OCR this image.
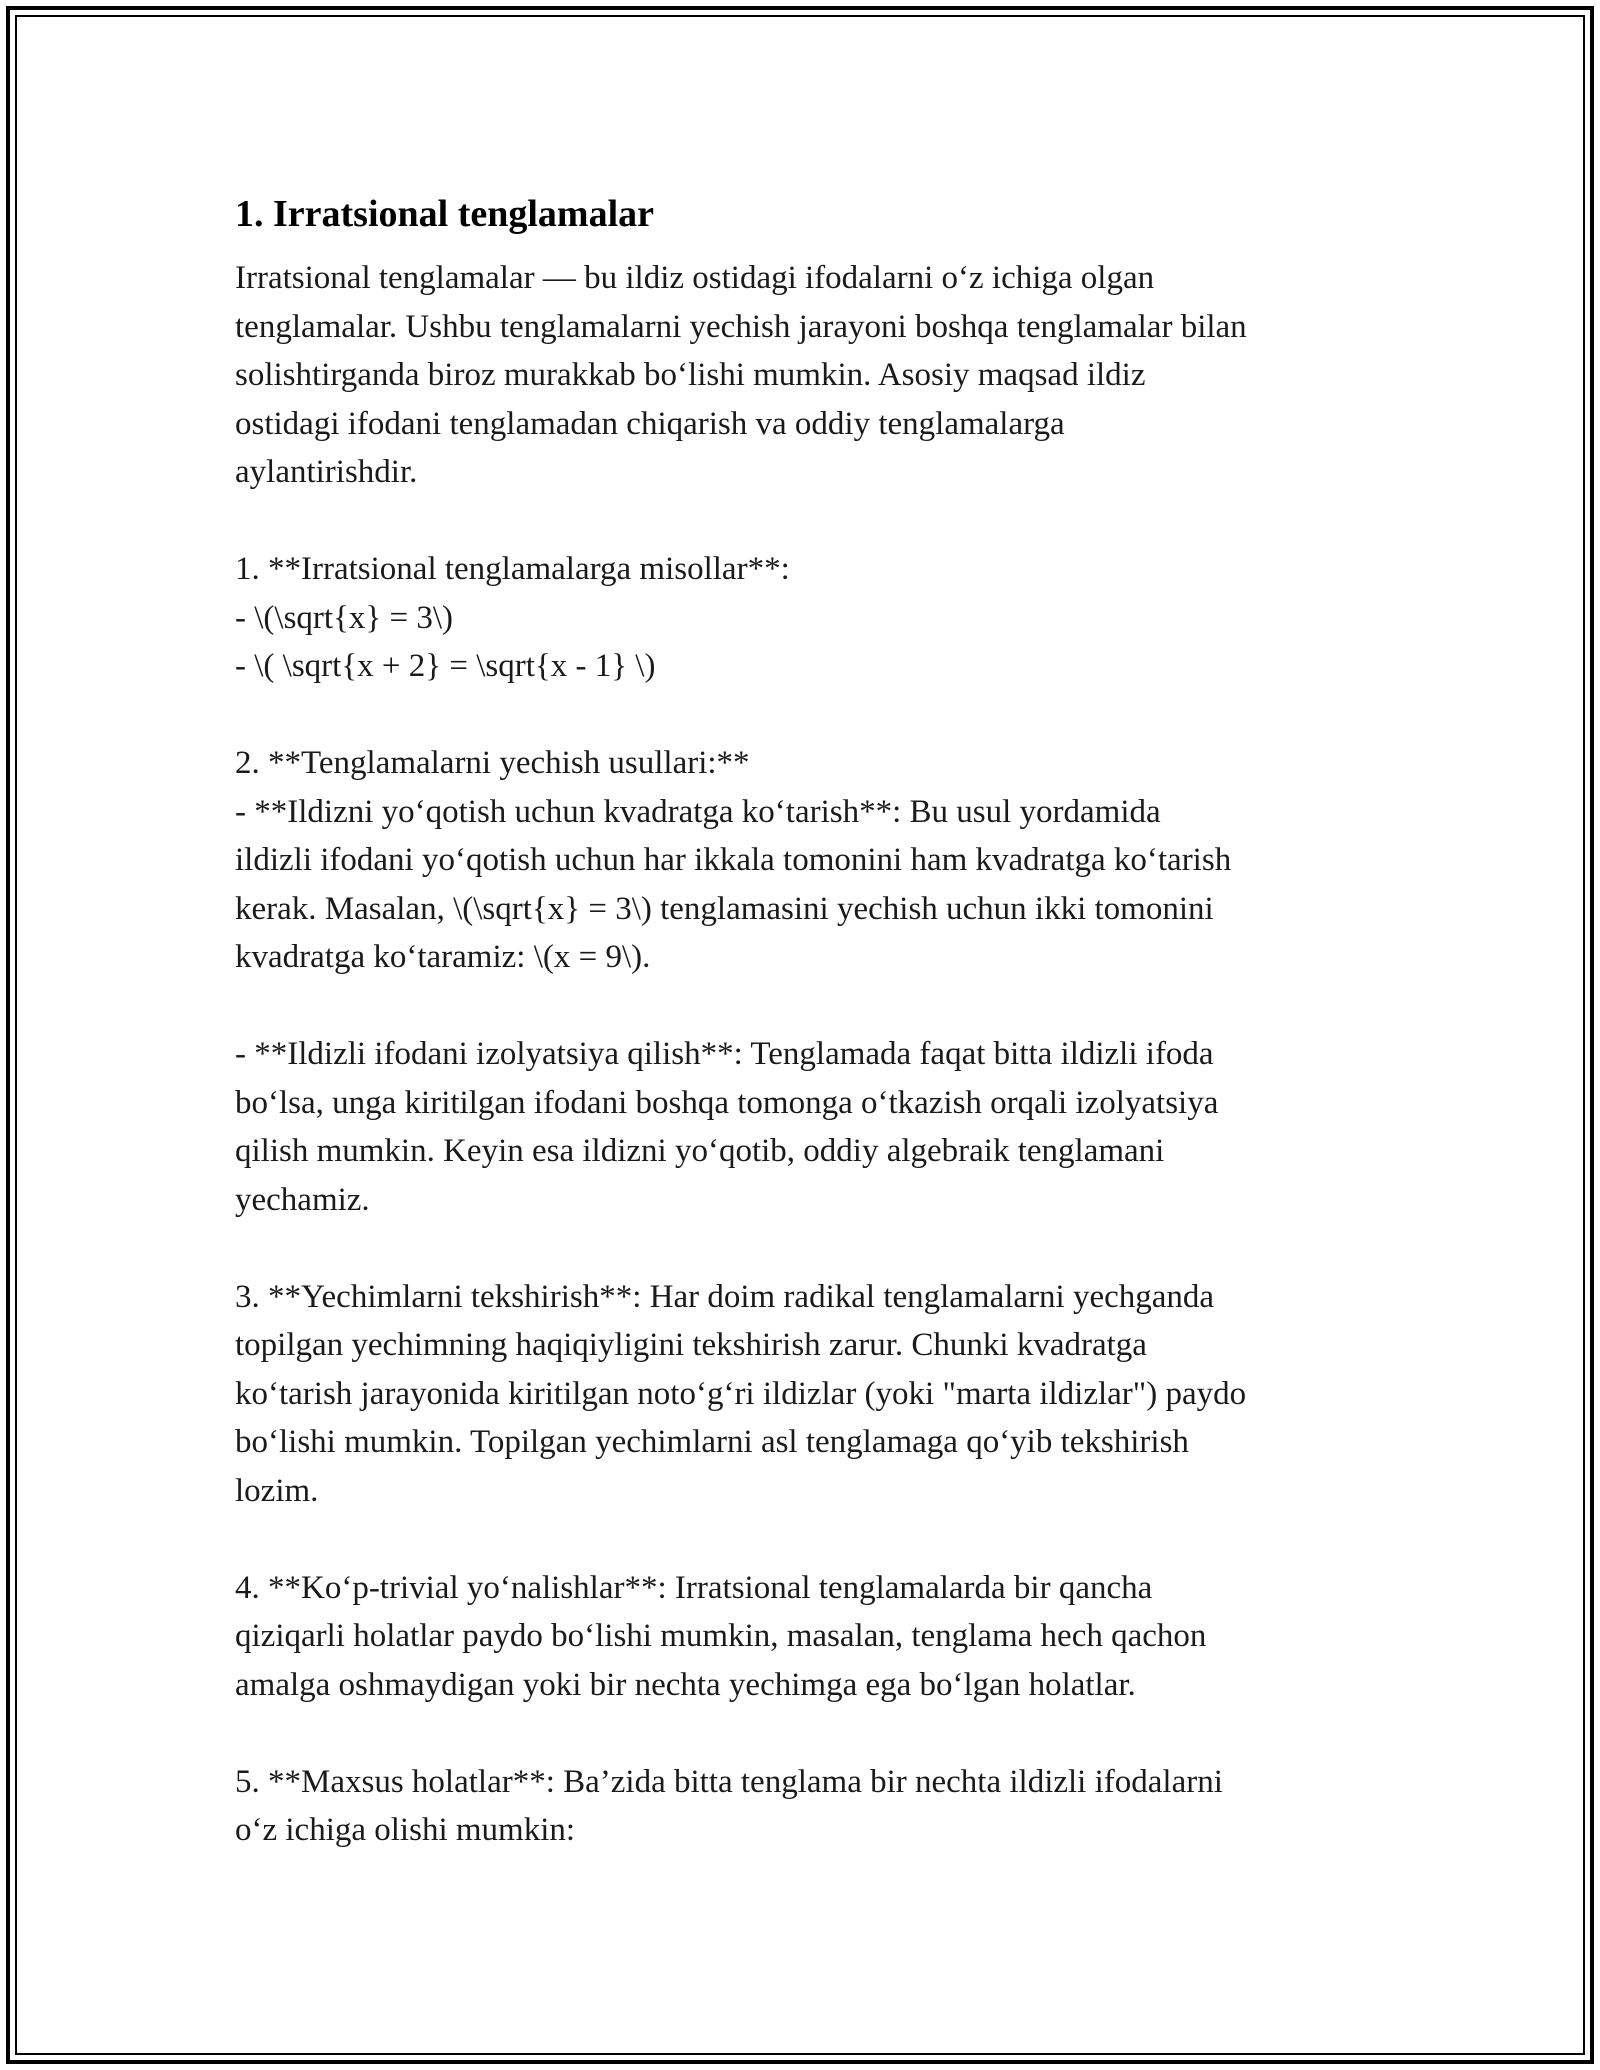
1. Irratsional tenglamalar

Irratsional tenglamalar — bu ildiz ostidagi ifodalarni o‘z ichiga olgan
tenglamalar. Ushbu tenglamalarni yechish jarayoni boshqa tenglamalar bilan
solishtirganda biroz murakkab bo‘lishi mumkin. Asosiy maqsad ildiz
ostidagi ifodani tenglamadan chiqarish va oddiy tenglamalarga
aylantirishdir.

1. **Irratsional tenglamalarga misollar**:
- \(\sqrt{x} = 3\)
- \( \sqrt{x + 2} = \sqrt{x - 1} \)

2. **Tenglamalarni yechish usullari:**
- **Ildizni yo‘qotish uchun kvadratga ko‘tarish**: Bu usul yordamida
ildizli ifodani yo‘qotish uchun har ikkala tomonini ham kvadratga ko‘tarish
kerak. Masalan, \(\sqrt{x} = 3\) tenglamasini yechish uchun ikki tomonini
kvadratga ko‘taramiz: \(x = 9\).

- **Ildizli ifodani izolyatsiya qilish**: Tenglamada faqat bitta ildizli ifoda
bo‘lsa, unga kiritilgan ifodani boshqa tomonga o‘tkazish orqali izolyatsiya
qilish mumkin. Keyin esa ildizni yo‘qotib, oddiy algebraik tenglamani
yechamiz.

3. **Yechimlarni tekshirish**: Har doim radikal tenglamalarni yechganda
topilgan yechimning haqiqiyligini tekshirish zarur. Chunki kvadratga
ko‘tarish jarayonida kiritilgan noto‘g‘ri ildizlar (yoki "marta ildizlar") paydo
bo‘lishi mumkin. Topilgan yechimlarni asl tenglamaga qo‘yib tekshirish
lozim.

4. **Ko‘p-trivial yo‘nalishlar**: Irratsional tenglamalarda bir qancha
qiziqarli holatlar paydo bo‘lishi mumkin, masalan, tenglama hech qachon
amalga oshmaydigan yoki bir nechta yechimga ega bo‘lgan holatlar.

5. **Maxsus holatlar**: Ba’zida bitta tenglama bir nechta ildizli ifodalarni
o‘z ichiga olishi mumkin:
